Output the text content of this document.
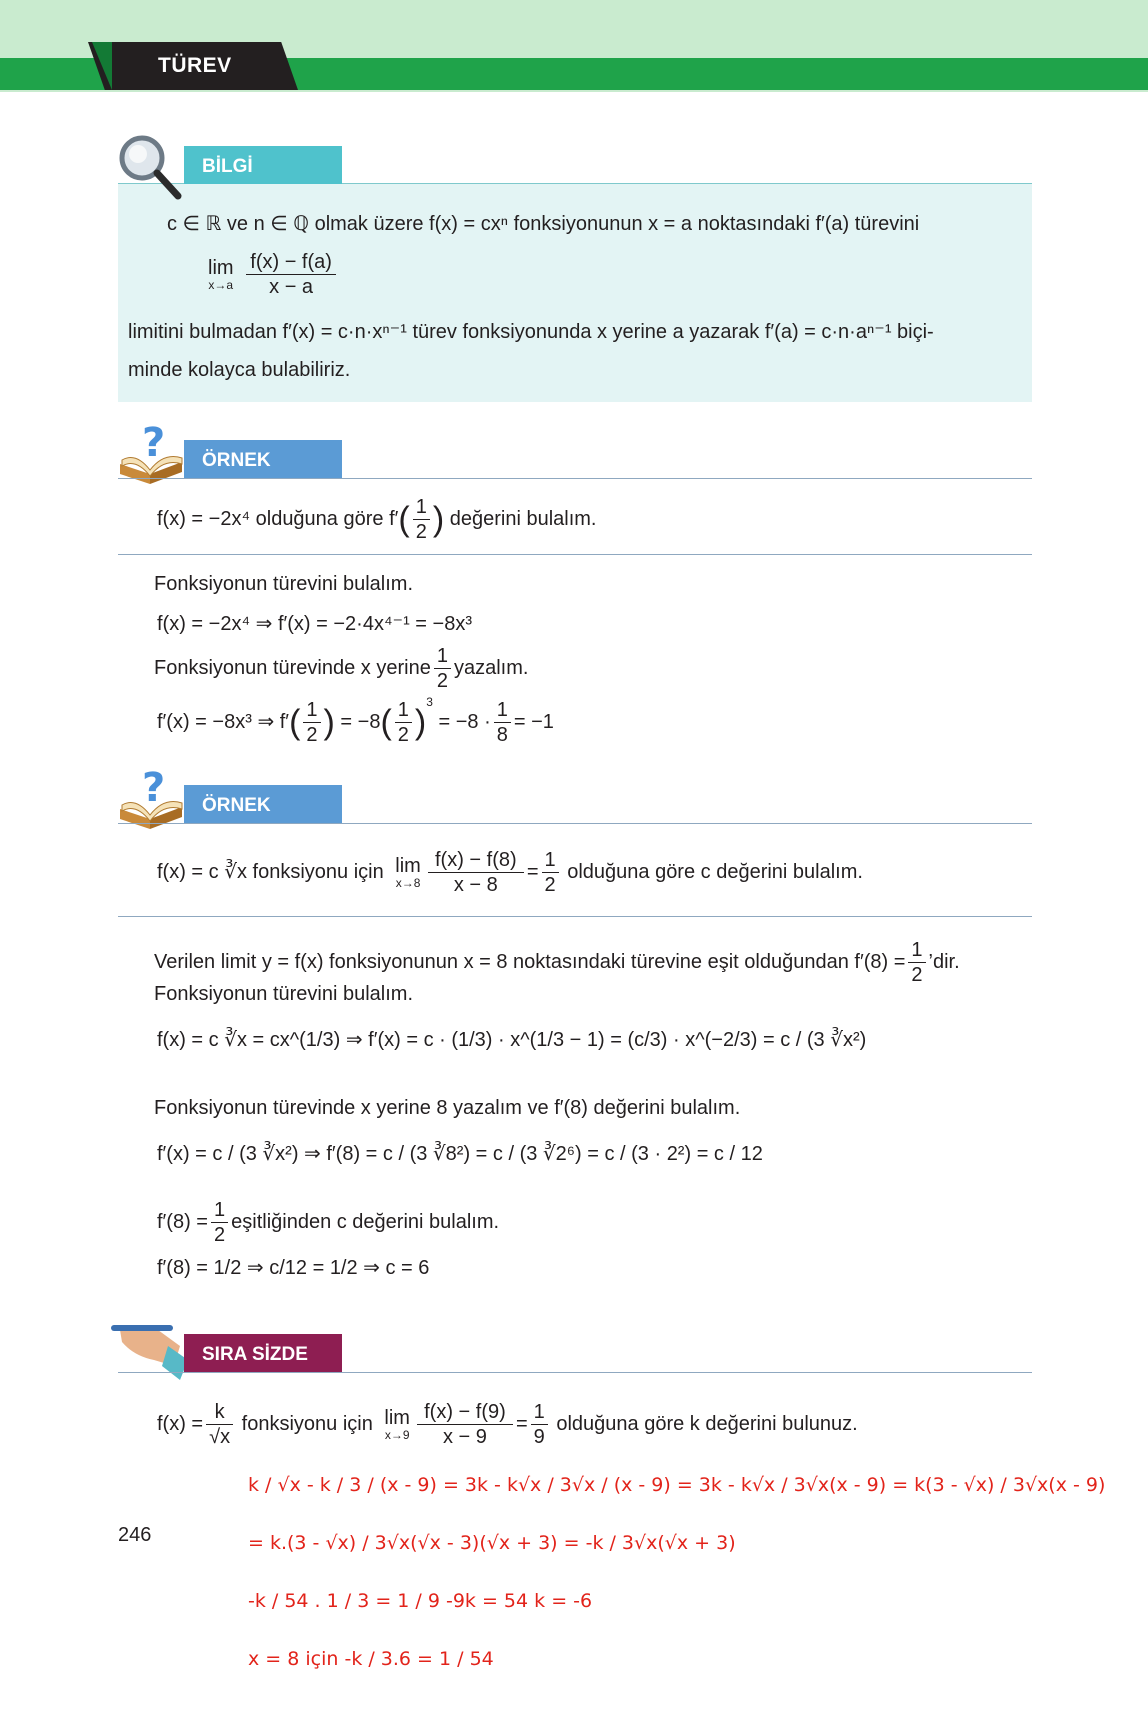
TÜREV
BİLGİ
c ∈ ℝ ve n ∈ ℚ olmak üzere f(x) = cxⁿ fonksiyonunun x = a noktasındaki f′(a) türevini
lim
x→a
$\frac{f(x) - f(a)}{x - a}$
limitini bulmadan f′(x) = c·n·xⁿ⁻¹ türev fonksiyonunda x yerine a yazarak f′(a) = c·n·aⁿ⁻¹ biçi-
minde kolayca bulabiliriz.
?	ÖRNEK
f(x) = −2x⁴ olduğuna göre $f'( \frac{1}{2}$ ) değerini bulalım.
Fonksiyonun türevini bulalım.
f(x) = −2x⁴ ⇒ f′(x) = −2·4x⁴⁻¹ = −8x³
Fonksiyonun türevinde x yerine $\frac{1}{2}$ yazalım.
f′(x) = −8x³ ⇒ $f'( \frac{1}{2}$ ) = $-8( \frac{1}{2} )^3 = -8 \cdot \frac{1}{8} = -1$
?	ÖRNEK
f(x) = c ∛x fonksiyonu için lim
$x\to 8 \frac{f(x) - f(8)}{x - 8} = \frac{1}{2}$ olduğuna göre c değerini bulalım.
Verilen limit y = f(x) fonksiyonunun x = 8 noktasındaki türevine eşit olduğundan $f'(8) = \frac{1}{2}$ ’dir.
Fonksiyonun türevini bulalım.
f(x) = c ∛x = cx^(1/3) ⇒ f′(x) = c · (1/3) · x^(1/3 − 1) = (c/3) · x^(−2/3) = c / (3 ∛x²)
Fonksiyonun türevinde x yerine 8 yazalım ve f′(8) değerini bulalım.
f′(x) = c / (3 ∛x²) ⇒ f′(8) = c / (3 ∛8²) = c / (3 ∛2⁶) = c / (3 · 2²) = c / 12
$f'(8) = \frac{1}{2}$ eşitliğinden c değerini bulalım.
f′(8) = 1/2 ⇒ c/12 = 1/2 ⇒ c = 6
SIRA SİZDE
$f(x) = \frac{k}{√x}$ fonksiyonu için lim
$x\to 9 \frac{f(x) - f(9)}{x - 9} = \frac{1}{9}$ olduğuna göre k değerini bulunuz.
k / √x - k / 3 / (x - 9) = 3k - k√x / 3√x / (x - 9) = 3k - k√x / 3√x(x - 9) = k(3 - √x) / 3√x(x - 9)
= k.(3 - √x) / 3√x(√x - 3)(√x + 3) = -k / 3√x(√x + 3)
-k / 54 . 1 / 3 = 1 / 9 -9k = 54 k = -6
x = 8 için -k / 3.6 = 1 / 54
246
